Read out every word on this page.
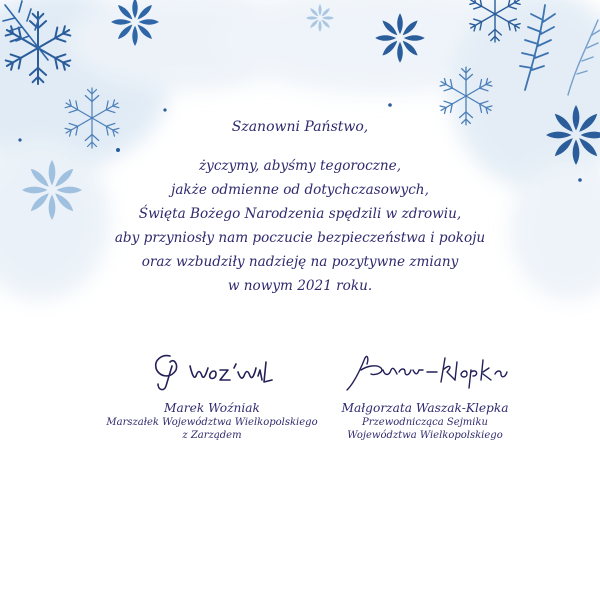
Szanowni Państwo,

życzymy, abyśmy tegoroczne,
jakże odmienne od dotychczasowych,
Święta Bożego Narodzenia spędzili w zdrowiu,
aby przyniosły nam poczucie bezpieczeństwa i pokoju
oraz wzbudziły nadzieję na pozytywne zmiany
w nowym 2021 roku.
Marek Woźniak
Marszałek Województwa Wielkopolskiego
z Zarządem
Małgorzata Waszak-Klepka
Przewodnicząca Sejmiku
Województwa Wielkopolskiego
